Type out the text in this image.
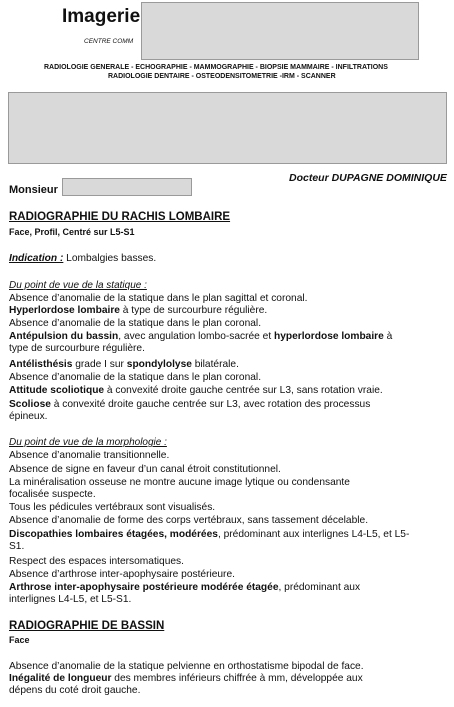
Imagerie
CENTRE COMM
RADIOLOGIE GENERALE - ECHOGRAPHIE - MAMMOGRAPHIE - BIOPSIE MAMMAIRE - INFILTRATIONS
RADIOLOGIE DENTAIRE - OSTEODENSITOMETRIE -IRM - SCANNER
Docteur DUPAGNE DOMINIQUE
Monsieur
RADIOGRAPHIE DU RACHIS LOMBAIRE
Face, Profil, Centré sur L5-S1
Indication : Lombalgies basses.
Du point de vue de la statique :
Absence d’anomalie de la statique dans le plan sagittal et coronal.
Hyperlordose lombaire à type de surcourbure régulière.
Absence d’anomalie de la statique dans le plan coronal.
Antépulsion du bassin, avec angulation lombo-sacrée et hyperlordose lombaire à
type de surcourbure régulière.
Antélisthésis grade I sur spondylolyse bilatérale.
Absence d’anomalie de la statique dans le plan coronal.
Attitude scoliotique à convexité droite gauche centrée sur L3, sans rotation vraie.
Scoliose à convexité droite gauche centrée sur L3, avec rotation des processus
épineux.
Du point de vue de la morphologie :
Absence d’anomalie transitionnelle.
Absence de signe en faveur d’un canal étroit constitutionnel.
La minéralisation osseuse ne montre aucune image lytique ou condensante
focalisée suspecte.
Tous les pédicules vertébraux sont visualisés.
Absence d’anomalie de forme des corps vertébraux, sans tassement décelable.
Discopathies lombaires étagées, modérées, prédominant aux interlignes L4-L5, et L5-
S1.
Respect des espaces intersomatiques.
Absence d’arthrose inter-apophysaire postérieure.
Arthrose inter-apophysaire postérieure modérée étagée, prédominant aux
interlignes L4-L5, et L5-S1.
RADIOGRAPHIE DE BASSIN
Face
Absence d’anomalie de la statique pelvienne en orthostatisme bipodal de face.
Inégalité de longueur des membres inférieurs chiffrée à mm, développée aux
dépens du coté droit gauche.
